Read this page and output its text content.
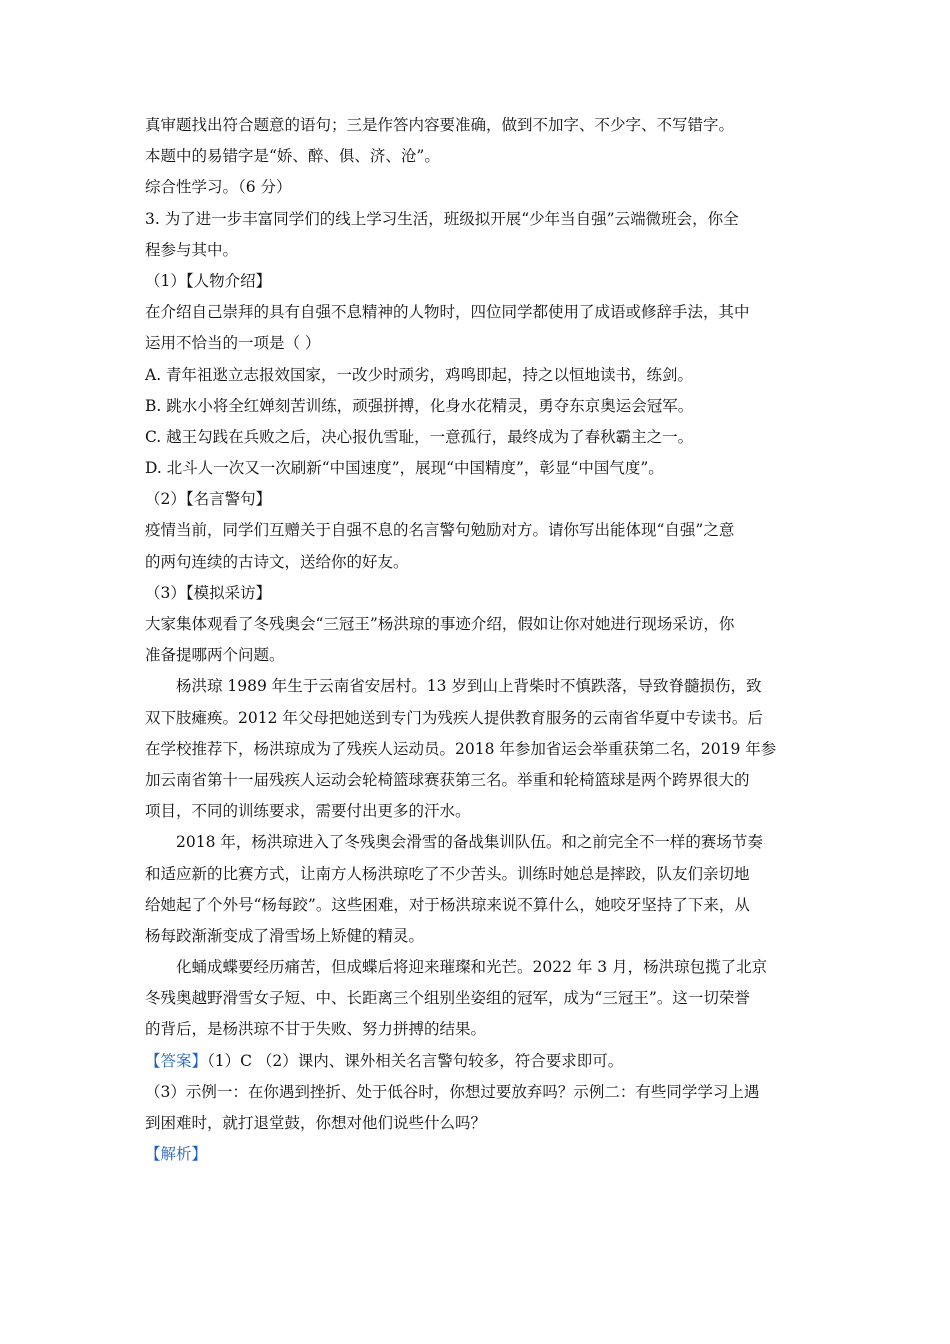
真审题找出符合题意的语句；三是作答内容要准确，做到不加字、不少字、不写错字。
本题中的易错字是“娇、醉、俱、济、沧”。
综合性学习。（6 分）
3. 为了进一步丰富同学们的线上学习生活，班级拟开展“少年当自强”云端微班会，你全
程参与其中。
（1）【人物介绍】
在介绍自己崇拜的具有自强不息精神的人物时，四位同学都使用了成语或修辞手法，其中
运用不恰当的一项是（ ）
A. 青年祖逖立志报效国家，一改少时顽劣，鸡鸣即起，持之以恒地读书，练剑。
B. 跳水小将全红婵刻苦训练，顽强拼搏，化身水花精灵，勇夺东京奥运会冠军。
C. 越王勾践在兵败之后，决心报仇雪耻，一意孤行，最终成为了春秋霸主之一。
D. 北斗人一次又一次刷新“中国速度”，展现“中国精度”，彰显“中国气度”。
（2）【名言警句】
疫情当前，同学们互赠关于自强不息的名言警句勉励对方。请你写出能体现“自强”之意
的两句连续的古诗文，送给你的好友。
（3）【模拟采访】
大家集体观看了冬残奥会“三冠王”杨洪琼的事迹介绍，假如让你对她进行现场采访，你
准备提哪两个问题。
杨洪琼 1989 年生于云南省安居村。13 岁到山上背柴时不慎跌落，导致脊髓损伤，致
双下肢瘫痪。2012 年父母把她送到专门为残疾人提供教育服务的云南省华夏中专读书。后
在学校推荐下，杨洪琼成为了残疾人运动员。2018 年参加省运会举重获第二名，2019 年参
加云南省第十一届残疾人运动会轮椅篮球赛获第三名。举重和轮椅篮球是两个跨界很大的
项目，不同的训练要求，需要付出更多的汗水。
2018 年，杨洪琼进入了冬残奥会滑雪的备战集训队伍。和之前完全不一样的赛场节奏
和适应新的比赛方式，让南方人杨洪琼吃了不少苦头。训练时她总是摔跤，队友们亲切地
给她起了个外号“杨每跤”。这些困难，对于杨洪琼来说不算什么，她咬牙坚持了下来，从
杨每跤渐渐变成了滑雪场上矫健的精灵。
化蛹成蝶要经历痛苦，但成蝶后将迎来璀璨和光芒。2022 年 3 月，杨洪琼包揽了北京
冬残奥越野滑雪女子短、中、长距离三个组别坐姿组的冠军，成为“三冠王”。这一切荣誉
的背后，是杨洪琼不甘于失败、努力拼搏的结果。
【答案】（1）C （2）课内、课外相关名言警句较多，符合要求即可。
（3）示例一：在你遇到挫折、处于低谷时，你想过要放弃吗？示例二：有些同学学习上遇
到困难时，就打退堂鼓，你想对他们说些什么吗？
【解析】
